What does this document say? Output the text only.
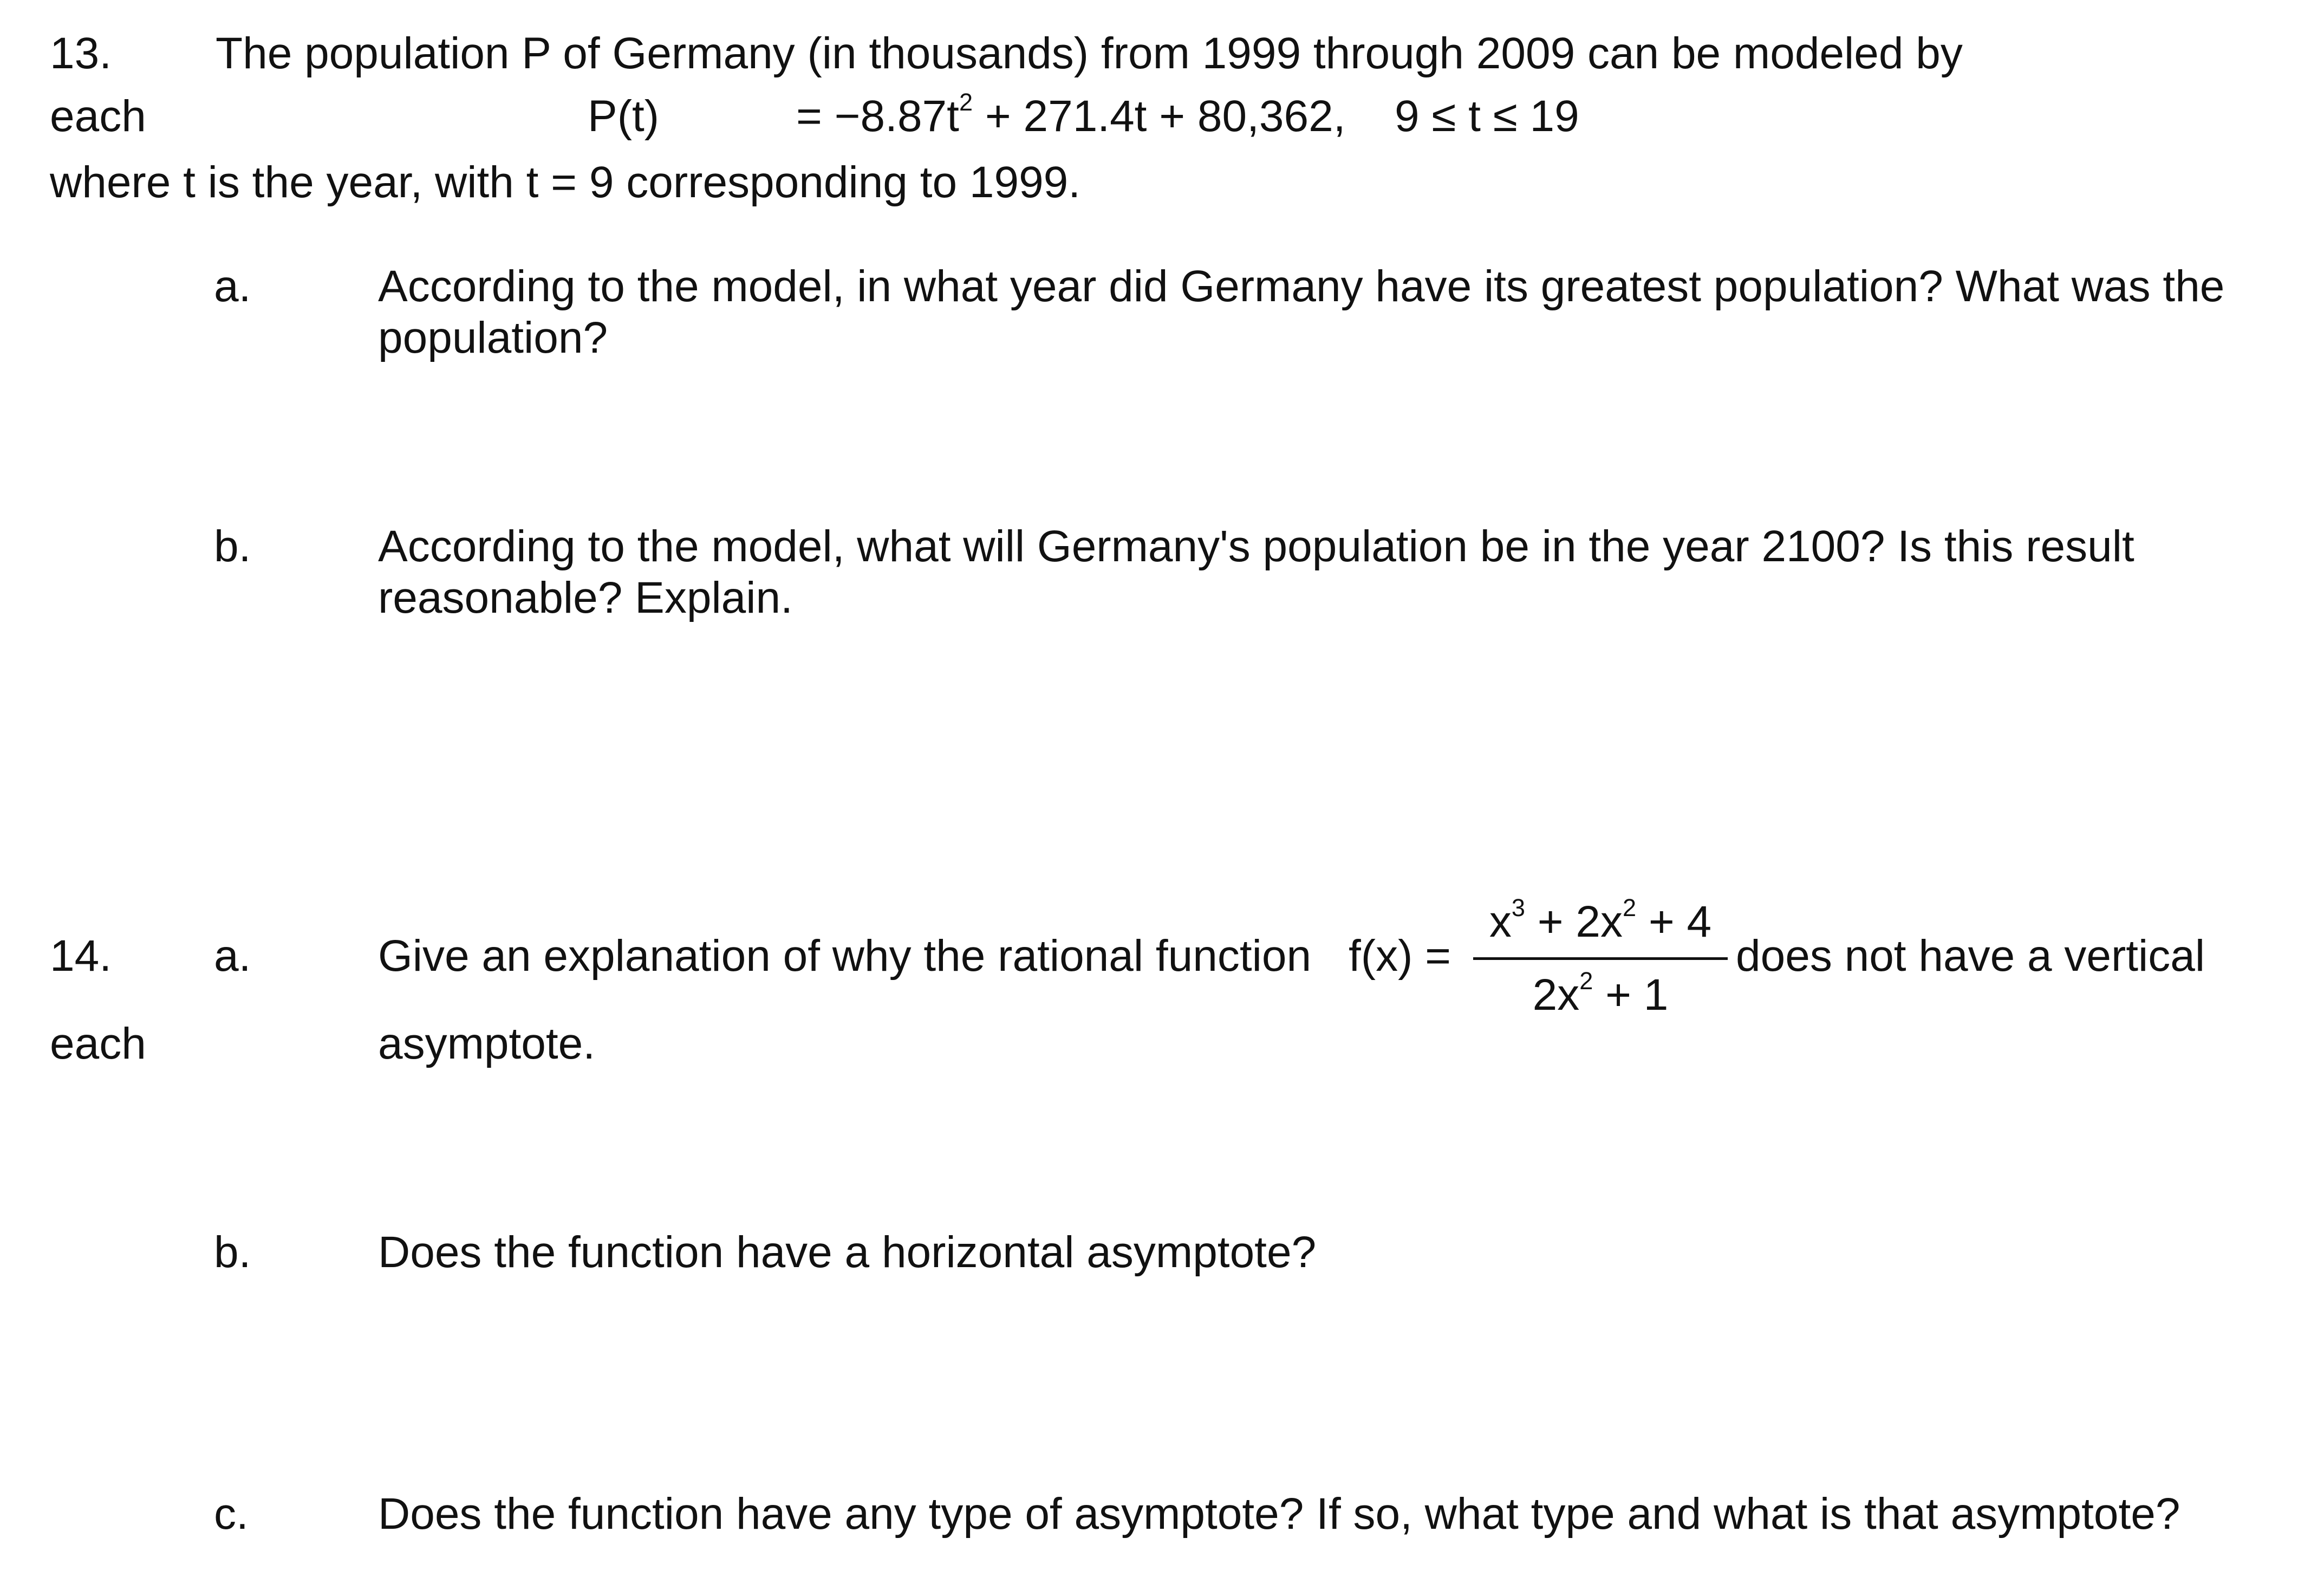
13. The population P of Germany (in thousands) from 1999 through 2009 can be modeled by
each	P(t)	= $-8.87t^2 + 271.4t + 80,362$, 9 ≤ t ≤ 19
where t is the year, with t = 9 corresponding to 1999.
a.	According to the model, in what year did Germany have its greatest population? What was the
population?
b.	According to the model, what will Germany's population be in the year 2100? Is this result
reasonable? Explain.
14. a.	Give an explanation of why the rational function f(x) =
$x^3 + 2x^2 + 4$
$2x^2 + 1$
does not have a vertical
each	asymptote.
b.	Does the function have a horizontal asymptote?
c.	Does the function have any type of asymptote? If so, what type and what is that asymptote?
